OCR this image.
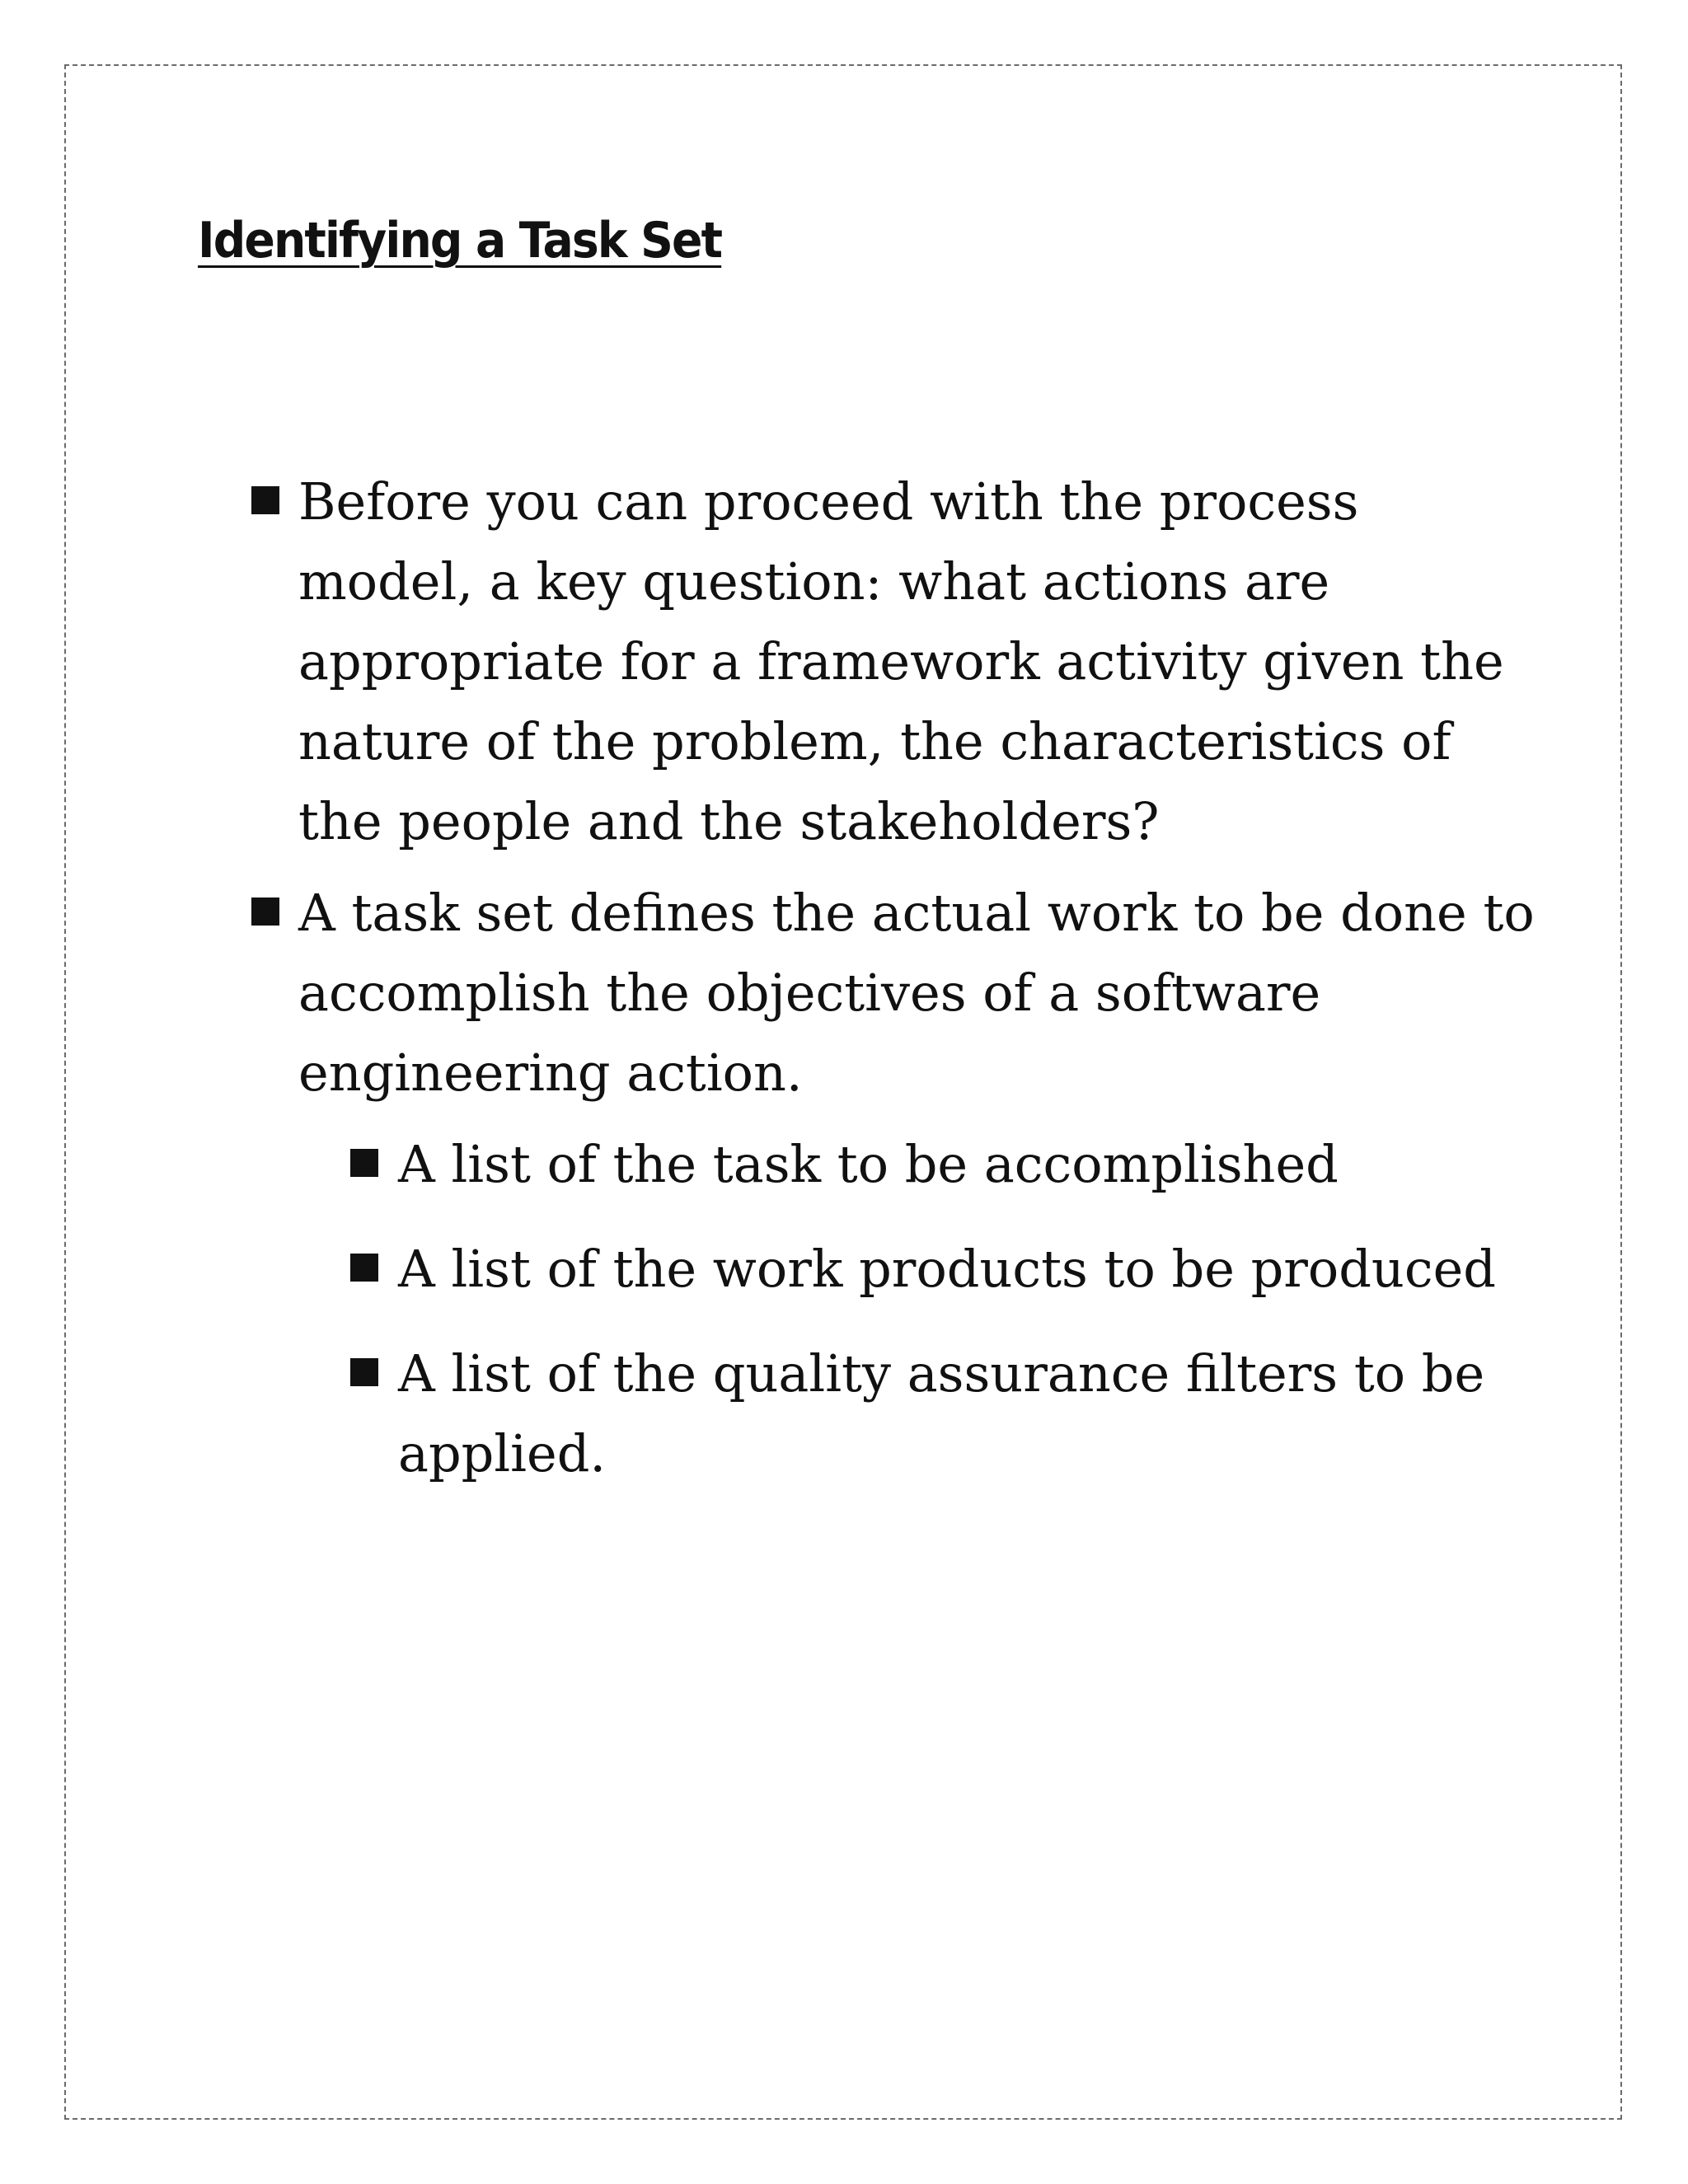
Identifying a Task Set
Before you can proceed with the process model, a key question: what actions are appropriate for a framework activity given the nature of the problem, the characteristics of the people and the stakeholders?
A task set defines the actual work to be done to accomplish the objectives of a software engineering action.
A list of the task to be accomplished
A list of the work products to be produced
A list of the quality assurance filters to be applied.
